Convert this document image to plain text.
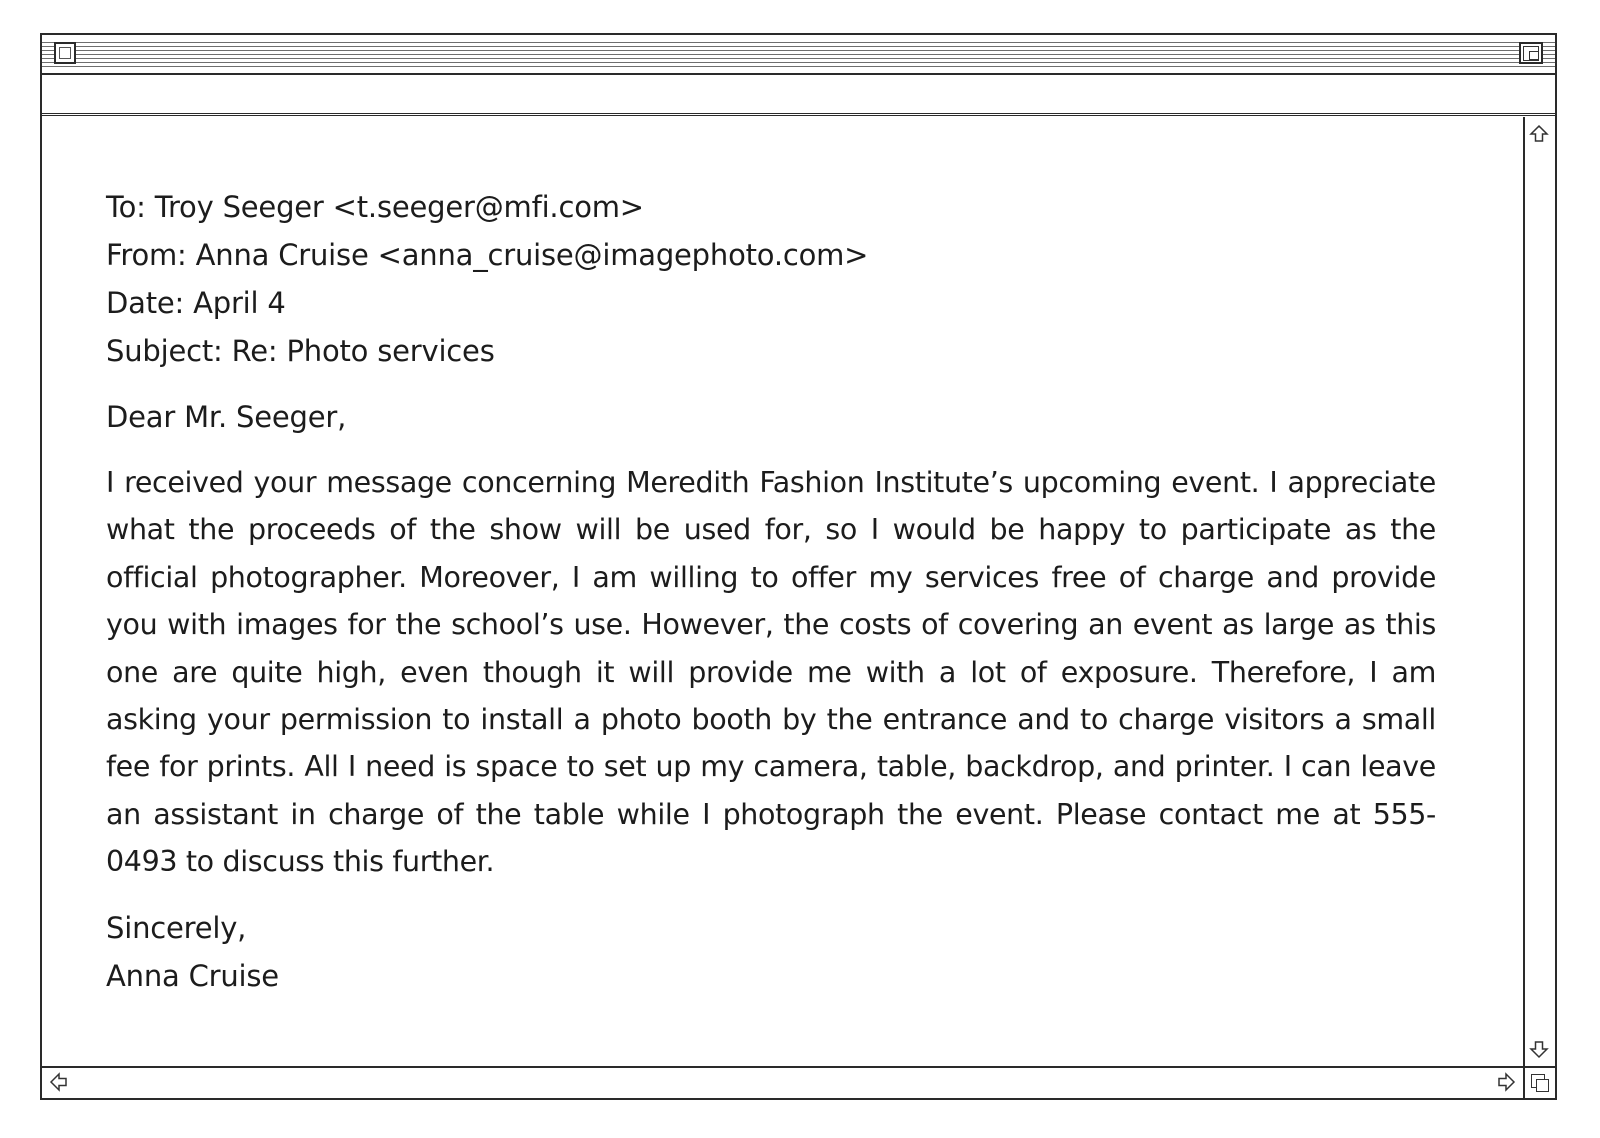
To: Troy Seeger <t.seeger@mfi.com>
From: Anna Cruise <anna_cruise@imagephoto.com>
Date: April 4
Subject: Re: Photo services
Dear Mr. Seeger,
I received your message concerning Meredith Fashion Institute’s upcoming event. I appreciate what the proceeds of the show will be used for, so I would be happy to participate as the official photographer. Moreover, I am willing to offer my services free of charge and provide you with images for the school’s use. However, the costs of covering an event as large as this one are quite high, even though it will provide me with a lot of exposure. Therefore, I am asking your permission to install a photo booth by the entrance and to charge visitors a small fee for prints. All I need is space to set up my camera, table, backdrop, and printer. I can leave an assistant in charge of the table while I photograph the event. Please contact me at 555-0493 to discuss this further.
Sincerely,
Anna Cruise
